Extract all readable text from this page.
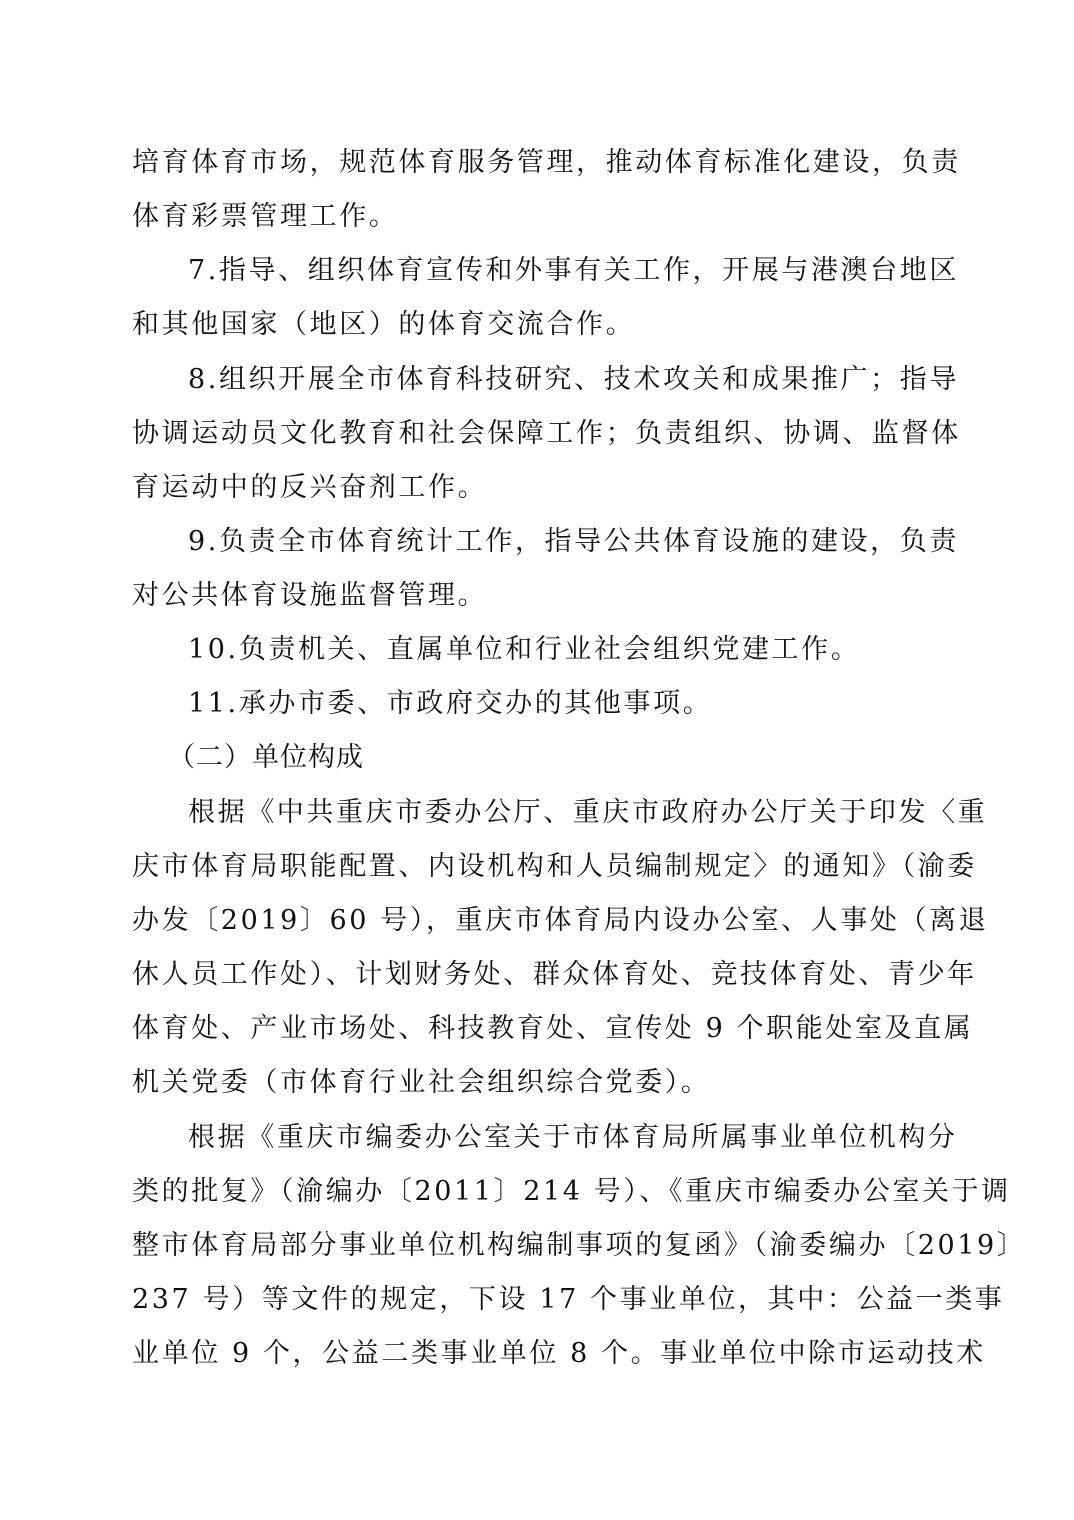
培育体育市场，规范体育服务管理，推动体育标准化建设，负责
体育彩票管理工作。
7.指导、组织体育宣传和外事有关工作，开展与港澳台地区
和其他国家（地区）的体育交流合作。
8.组织开展全市体育科技研究、技术攻关和成果推广；指导
协调运动员文化教育和社会保障工作；负责组织、协调、监督体
育运动中的反兴奋剂工作。
9.负责全市体育统计工作，指导公共体育设施的建设，负责
对公共体育设施监督管理。
10.负责机关、直属单位和行业社会组织党建工作。
11.承办市委、市政府交办的其他事项。
（二）单位构成
根据《中共重庆市委办公厅、重庆市政府办公厅关于印发〈重
庆市体育局职能配置、内设机构和人员编制规定〉的通知》（渝委
办发〔2019〕60 号），重庆市体育局内设办公室、人事处（离退
休人员工作处）、计划财务处、群众体育处、竞技体育处、青少年
体育处、产业市场处、科技教育处、宣传处 9 个职能处室及直属
机关党委（市体育行业社会组织综合党委）。
根据《重庆市编委办公室关于市体育局所属事业单位机构分
类的批复》（渝编办〔2011〕214 号）、《重庆市编委办公室关于调
整市体育局部分事业单位机构编制事项的复函》（渝委编办〔2019〕
237 号）等文件的规定，下设 17 个事业单位，其中：公益一类事
业单位 9 个，公益二类事业单位 8 个。事业单位中除市运动技术
